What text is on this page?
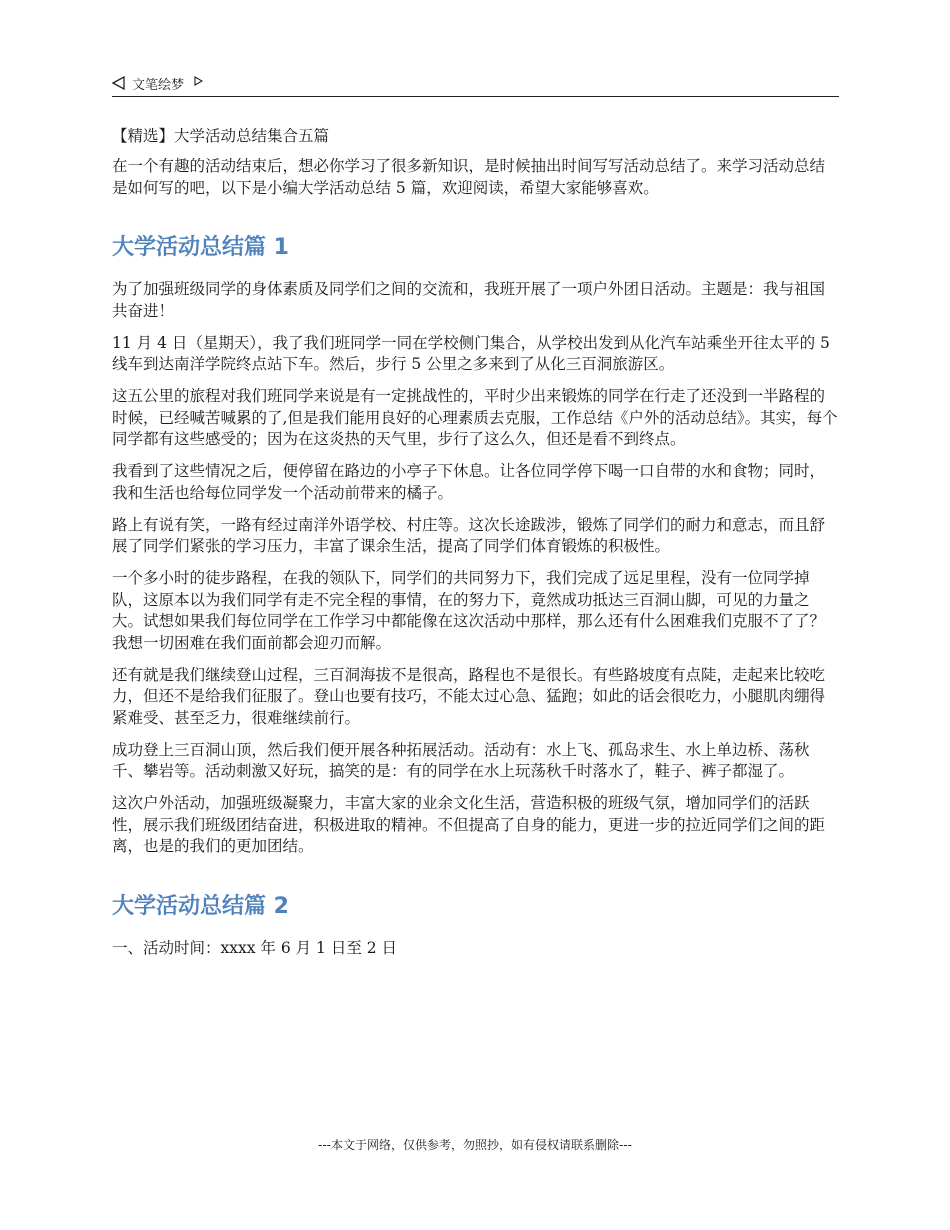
文笔绘梦
【精选】大学活动总结集合五篇

在一个有趣的活动结束后，想必你学习了很多新知识，是时候抽出时间写写活动总结了。来学习活动总结是如何写的吧，以下是小编大学活动总结 5 篇，欢迎阅读，希望大家能够喜欢。

大学活动总结篇 1

为了加强班级同学的身体素质及同学们之间的交流和，我班开展了一项户外团日活动。主题是：我与祖国共奋进！

11 月 4 日（星期天），我了我们班同学一同在学校侧门集合，从学校出发到从化汽车站乘坐开往太平的 5 线车到达南洋学院终点站下车。然后，步行 5 公里之多来到了从化三百洞旅游区。

这五公里的旅程对我们班同学来说是有一定挑战性的，平时少出来锻炼的同学在行走了还没到一半路程的时候，已经喊苦喊累的了,但是我们能用良好的心理素质去克服，工作总结《户外的活动总结》。其实，每个同学都有这些感受的；因为在这炎热的天气里，步行了这么久，但还是看不到终点。

我看到了这些情况之后，便停留在路边的小亭子下休息。让各位同学停下喝一口自带的水和食物；同时，我和生活也给每位同学发一个活动前带来的橘子。

路上有说有笑，一路有经过南洋外语学校、村庄等。这次长途跋涉，锻炼了同学们的耐力和意志，而且舒展了同学们紧张的学习压力，丰富了课余生活，提高了同学们体育锻炼的积极性。

一个多小时的徒步路程，在我的领队下，同学们的共同努力下，我们完成了远足里程，没有一位同学掉队，这原本以为我们同学有走不完全程的事情，在的努力下，竟然成功抵达三百洞山脚，可见的力量之大。试想如果我们每位同学在工作学习中都能像在这次活动中那样，那么还有什么困难我们克服不了了？我想一切困难在我们面前都会迎刃而解。

还有就是我们继续登山过程，三百洞海拔不是很高，路程也不是很长。有些路坡度有点陡，走起来比较吃力，但还不是给我们征服了。登山也要有技巧，不能太过心急、猛跑；如此的话会很吃力，小腿肌肉绷得紧难受、甚至乏力，很难继续前行。

成功登上三百洞山顶，然后我们便开展各种拓展活动。活动有：水上飞、孤岛求生、水上单边桥、荡秋千、攀岩等。活动刺激又好玩，搞笑的是：有的同学在水上玩荡秋千时落水了，鞋子、裤子都湿了。

这次户外活动，加强班级凝聚力，丰富大家的业余文化生活，营造积极的班级气氛，增加同学们的活跃性，展示我们班级团结奋进，积极进取的精神。不但提高了自身的能力，更进一步的拉近同学们之间的距离，也是的我们的更加团结。

大学活动总结篇 2

一、活动时间：xxxx 年 6 月 1 日至 2 日

---本文于网络，仅供参考，勿照抄，如有侵权请联系删除---
